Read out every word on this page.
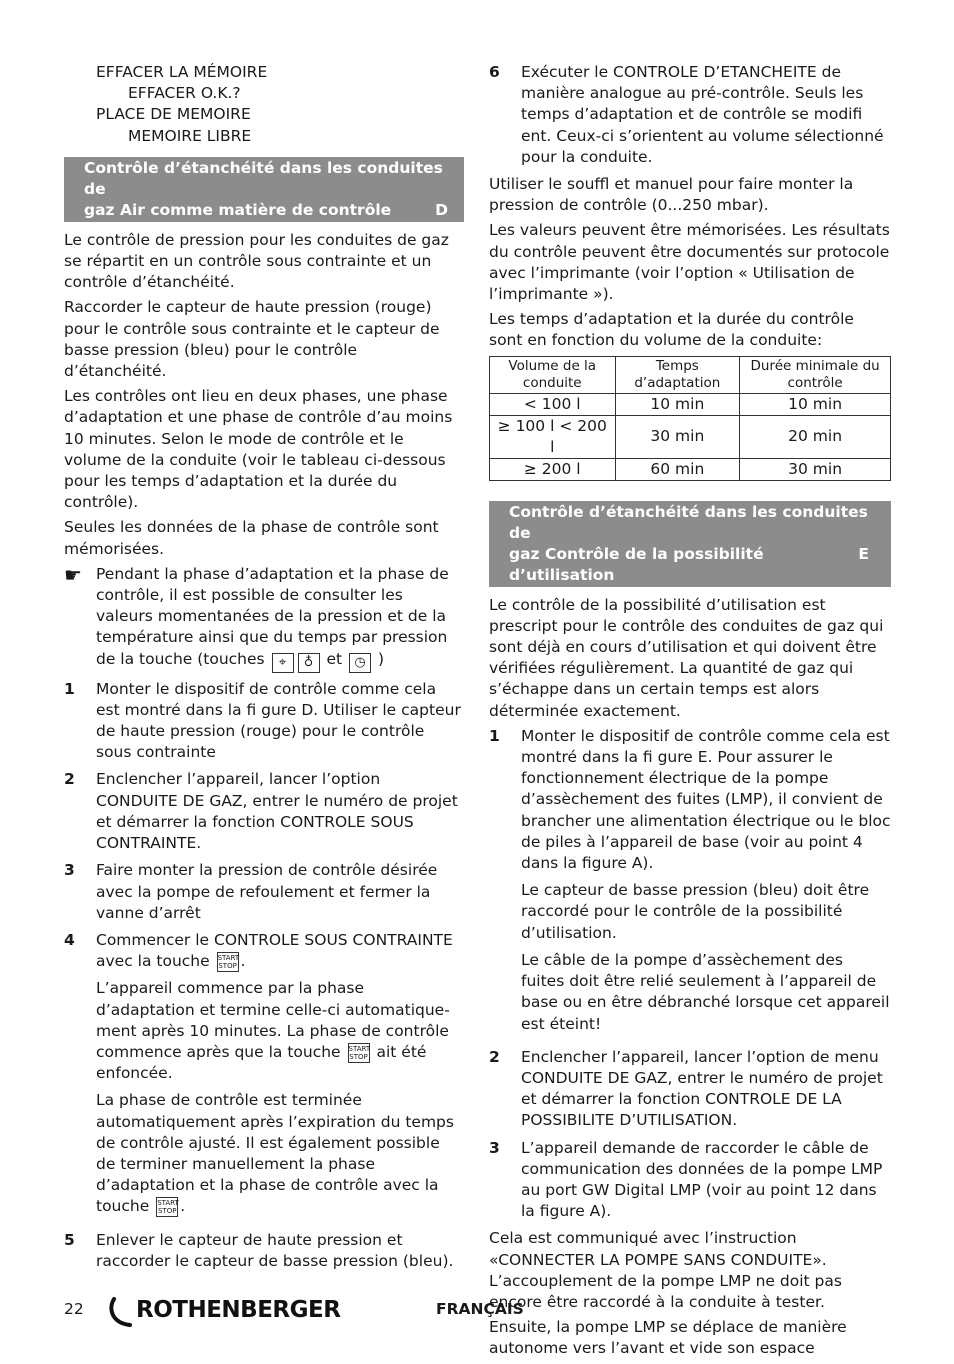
EFFACER LA MÉMOIRE

EFFACER O.K.?

PLACE DE MEMOIRE

MEMOIRE LIBRE

Contrôle d’étanchéité dans les conduites de
gaz Air comme matière de contrôle	D

Le contrôle de pression pour les conduites de gaz se répartit en un contrôle sous contrainte et un contrôle d’étanchéité.

Raccorder le capteur de haute pression (rouge) pour le contrôle sous contrainte et le capteur de basse pression (bleu) pour le contrôle d’étanchéité.

Les contrôles ont lieu en deux phases, une phase d’adaptation et une phase de contrôle d’au moins 10 minutes. Selon le mode de contrôle et le volume de la conduite (voir le tableau ci-dessous pour les temps d’adaptation et la durée du contrôle).

Seules les données de la phase de contrôle sont mémorisées.

☛ Pendant la phase d’adaptation et la phase de contrôle, il est possible de consulter les valeurs momentanées de la pression et de la température ainsi que du temps par pression de la touche (touches ⌖ ♁ et ◷ )
1	Monter le dispositif de contrôle comme cela est montré dans la fi gure D. Utiliser le capteur de haute pression (rouge) pour le contrôle sous contrainte
2	Enclencher l’appareil, lancer l’option CONDUITE DE GAZ, entrer le numéro de projet et démarrer la fonction CONTROLE SOUS CONTRAINTE.
3	Faire monter la pression de contrôle désirée avec la pompe de refoulement et fermer la vanne d’arrêt
4	Commencer le CONTROLE SOUS CONTRAINTE avec la touche START
STOP .

L’appareil commence par la phase d’adaptation et termine celle-ci automatique-ment après 10 minutes. La phase de contrôle commence après que la touche START
STOP ait été enfoncée.

La phase de contrôle est terminée automatiquement après l’expiration du temps de contrôle ajusté. Il est également possible de terminer manuellement la phase d’adaptation et la phase de contrôle avec la touche START
STOP .

5	Enlever le capteur de haute pression et raccorder le capteur de basse pression (bleu).
6	Exécuter le CONTROLE D’ETANCHEITE de manière analogue au pré-contrôle. Seuls les temps d’adaptation et de contrôle se modifi ent. Ceux-ci s’orientent au volume sélectionné pour la conduite.

Utiliser le souffl et manuel pour faire monter la pression de contrôle (0...250 mbar).

Les valeurs peuvent être mémorisées. Les résultats du contrôle peuvent être documentés sur protocole avec l’imprimante (voir l’option « Utilisation de l’imprimante »).

Les temps d’adaptation et la durée du contrôle sont en fonction du volume de la conduite:

Volume de la conduite	Temps d’adaptation	Durée minimale du contrôle
< 100 l	10 min	10 min
≥ 100 l < 200 l	30 min	20 min
≥ 200 l	60 min	30 min
Contrôle d’étanchéité dans les conduites de
gaz Contrôle de la possibilité d’utilisation
E

Le contrôle de la possibilité d’utilisation est prescript pour le contrôle des conduites de gaz qui sont déjà en cours d’utilisation et qui doivent être vérifiées régulièrement. La quantité de gaz qui s’échappe dans un certain temps est alors déterminée exactement.

1	Monter le dispositif de contrôle comme cela est montré dans la fi gure E. Pour assurer le fonctionnement électrique de la pompe d’assèchement des fuites (LMP), il convient de brancher une alimentation électrique ou le bloc de piles à l’appareil de base (voir au point 4 dans la figure A).

Le capteur de basse pression (bleu) doit être raccordé pour le contrôle de la possibilité d’utilisation.

Le câble de la pompe d’assèchement des fuites doit être relié seulement à l’appareil de base ou en être débranché lorsque cet appareil est éteint!

2	Enclencher l’appareil, lancer l’option de menu CONDUITE DE GAZ, entrer le numéro de projet et démarrer la fonction CONTROLE DE LA POSSIBILITE D’UTILISATION.
3	L’appareil demande de raccorder le câble de communication des données de la pompe LMP au port GW Digital LMP (voir au point 12 dans la figure A).

Cela est communiqué avec l’instruction «CONNECTER LA POMPE SANS CONDUITE». L’accouplement de la pompe LMP ne doit pas encore être raccordé à la conduite à tester.

Ensuite, la pompe LMP se déplace de manière autonome vers l’avant et vide son espace

22 ROTHENBERGER	FRANÇAIS
